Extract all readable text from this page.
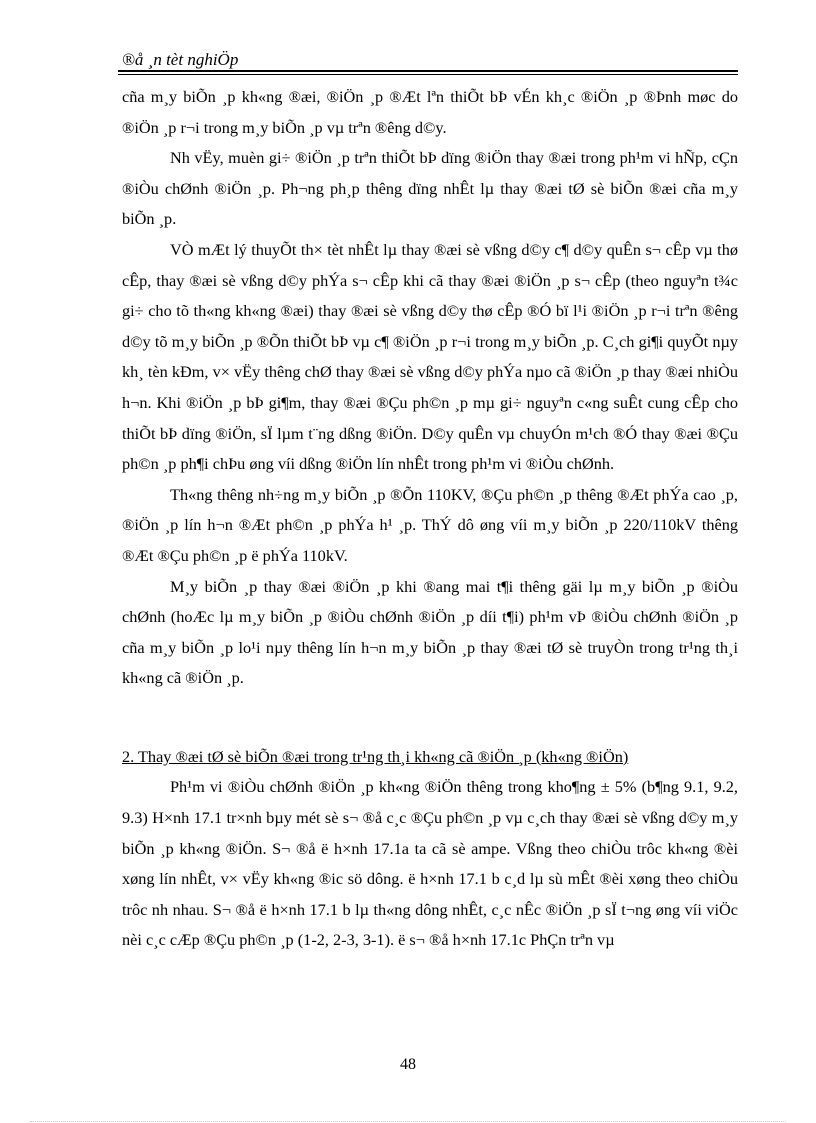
®å ¸n tèt nghiÖp

cña m¸y biÕn ¸p kh«ng ®æi, ®iÖn ¸p ®Æt lªn thiÕt bÞ vÉn kh¸c ®iÖn ¸p ®Þnh møc do ®iÖn ¸p r¬i trong m¸y biÕn ¸p vµ trªn ®êng d©y.

Nh vËy, muèn gi÷ ®iÖn ¸p trªn thiÕt bÞ dïng ®iÖn thay ®æi trong ph¹m vi hÑp, cÇn ®iÒu chØnh ®iÖn ¸p. Ph¬ng ph¸p thêng dïng nhÊt lµ thay ®æi tØ sè biÕn ®æi cña m¸y biÕn ¸p.

VÒ mÆt lý thuyÕt th× tèt nhÊt lµ thay ®æi sè vßng d©y c¶ d©y quÊn s¬ cÊp vµ thø cÊp, thay ®æi sè vßng d©y phÝa s¬ cÊp khi cã thay ®æi ®iÖn ¸p s¬ cÊp (theo nguyªn t¾c gi÷ cho tõ th«ng kh«ng ®æi) thay ®æi sè vßng d©y thø cÊp ®Ó bï l¹i ®iÖn ¸p r¬i trªn ®êng d©y tõ m¸y biÕn ¸p ®Õn thiÕt bÞ vµ c¶ ®iÖn ¸p r¬i trong m¸y biÕn ¸p. C¸ch gi¶i quyÕt nµy kh¸ tèn kÐm, v× vËy thêng chØ thay ®æi sè vßng d©y phÝa nµo cã ®iÖn ¸p thay ®æi nhiÒu h¬n. Khi ®iÖn ¸p bÞ gi¶m, thay ®æi ®Çu ph©n ¸p mµ gi÷ nguyªn c«ng suÊt cung cÊp cho thiÕt bÞ dïng ®iÖn, sÏ lµm t¨ng dßng ®iÖn. D©y quÊn vµ chuyÓn m¹ch ®Ó thay ®æi ®Çu ph©n ¸p ph¶i chÞu øng víi dßng ®iÖn lín nhÊt trong ph¹m vi ®iÒu chØnh.

Th«ng thêng nh÷ng m¸y biÕn ¸p ®Õn 110KV, ®Çu ph©n ¸p thêng ®Æt phÝa cao ¸p, ®iÖn ¸p lín h¬n ®Æt ph©n ¸p phÝa h¹ ¸p. ThÝ dô øng víi m¸y biÕn ¸p 220/110kV thêng ®Æt ®Çu ph©n ¸p ë phÝa 110kV.

M¸y biÕn ¸p thay ®æi ®iÖn ¸p khi ®ang mai t¶i thêng gäi lµ m¸y biÕn ¸p ®iÒu chØnh (hoÆc lµ m¸y biÕn ¸p ®iÒu chØnh ®iÖn ¸p díi t¶i) ph¹m vÞ ®iÒu chØnh ®iÖn ¸p cña m¸y biÕn ¸p lo¹i nµy thêng lín h¬n m¸y biÕn ¸p thay ®æi tØ sè truyÒn trong tr¹ng th¸i kh«ng cã ®iÖn ¸p.

2. Thay ®æi tØ sè biÕn ®æi trong tr¹ng th¸i kh«ng cã ®iÖn ¸p (kh«ng ®iÖn)

Ph¹m vi ®iÒu chØnh ®iÖn ¸p kh«ng ®iÖn thêng trong kho¶ng ± 5% (b¶ng 9.1, 9.2, 9.3) H×nh 17.1 tr×nh bµy mét sè s¬ ®å c¸c ®Çu ph©n ¸p vµ c¸ch thay ®æi sè vßng d©y m¸y biÕn ¸p kh«ng ®iÖn. S¬ ®å ë h×nh 17.1a ta cã sè ampe. Vßng theo chiÒu trôc kh«ng ®èi xøng lín nhÊt, v× vËy kh«ng ®ic sö dông. ë h×nh 17.1 b c¸d lµ sù mÊt ®èi xøng theo chiÒu trôc nh nhau. S¬ ®å ë h×nh 17.1 b lµ th«ng dông nhÊt, c¸c nÊc ®iÖn ¸p sÏ t¬ng øng víi viÖc nèi c¸c cÆp ®Çu ph©n ¸p (1-2, 2-3, 3-1). ë s¬ ®å h×nh 17.1c PhÇn trªn vµ

48
